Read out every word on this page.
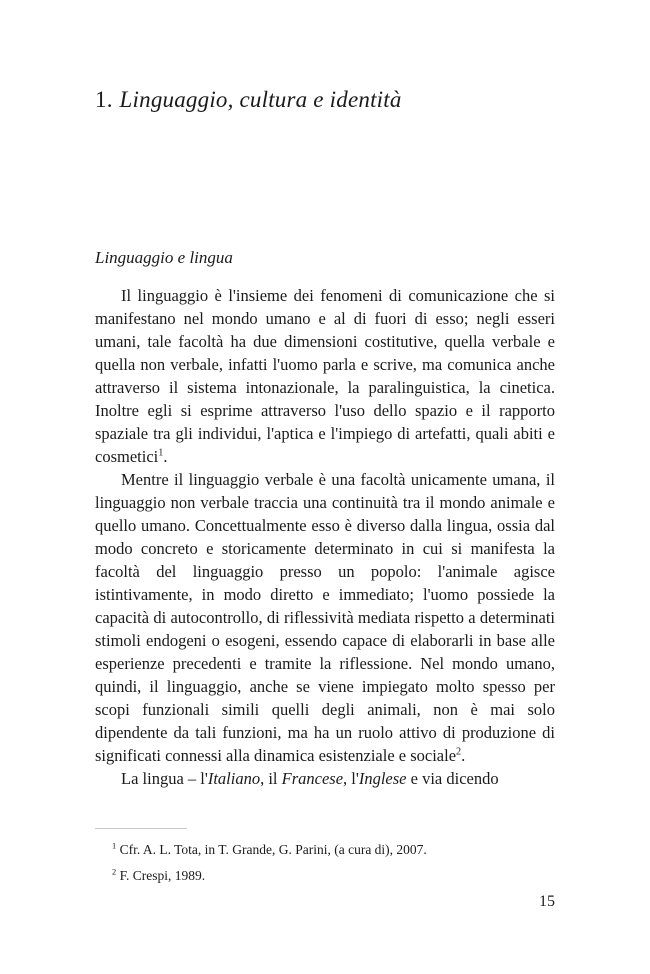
1. Linguaggio, cultura e identità
Linguaggio e lingua

Il linguaggio è l'insieme dei fenomeni di comunicazione che si manifestano nel mondo umano e al di fuori di esso; negli esseri umani, tale facoltà ha due dimensioni costitutive, quella verbale e quella non verbale, infatti l'uomo parla e scrive, ma comunica anche attraverso il sistema intonazionale, la paralinguistica, la cinetica. Inoltre egli si esprime attraverso l'uso dello spazio e il rapporto spaziale tra gli individui, l'aptica e l'impiego di artefatti, quali abiti e cosmetici$^1$.

Mentre il linguaggio verbale è una facoltà unicamente umana, il linguaggio non verbale traccia una continuità tra il mondo animale e quello umano. Concettualmente esso è diverso dalla lingua, ossia dal modo concreto e storicamente determinato in cui si manifesta la facoltà del linguaggio presso un popolo: l'animale agisce istintivamente, in modo diretto e immediato; l'uomo possiede la capacità di autocontrollo, di riflessività mediata rispetto a determinati stimoli endogeni o esogeni, essendo capace di elaborarli in base alle esperienze precedenti e tramite la riflessione. Nel mondo umano, quindi, il linguaggio, anche se viene impiegato molto spesso per scopi funzionali simili quelli degli animali, non è mai solo dipendente da tali funzioni, ma ha un ruolo attivo di produzione di significati connessi alla dinamica esistenziale e sociale$^2$.

La lingua – l'Italiano, il Francese, l'Inglese e via dicendo

$^1$ Cfr. A. L. Tota, in T. Grande, G. Parini, (a cura di), 2007.

$^2$ F. Crespi, 1989.

15
